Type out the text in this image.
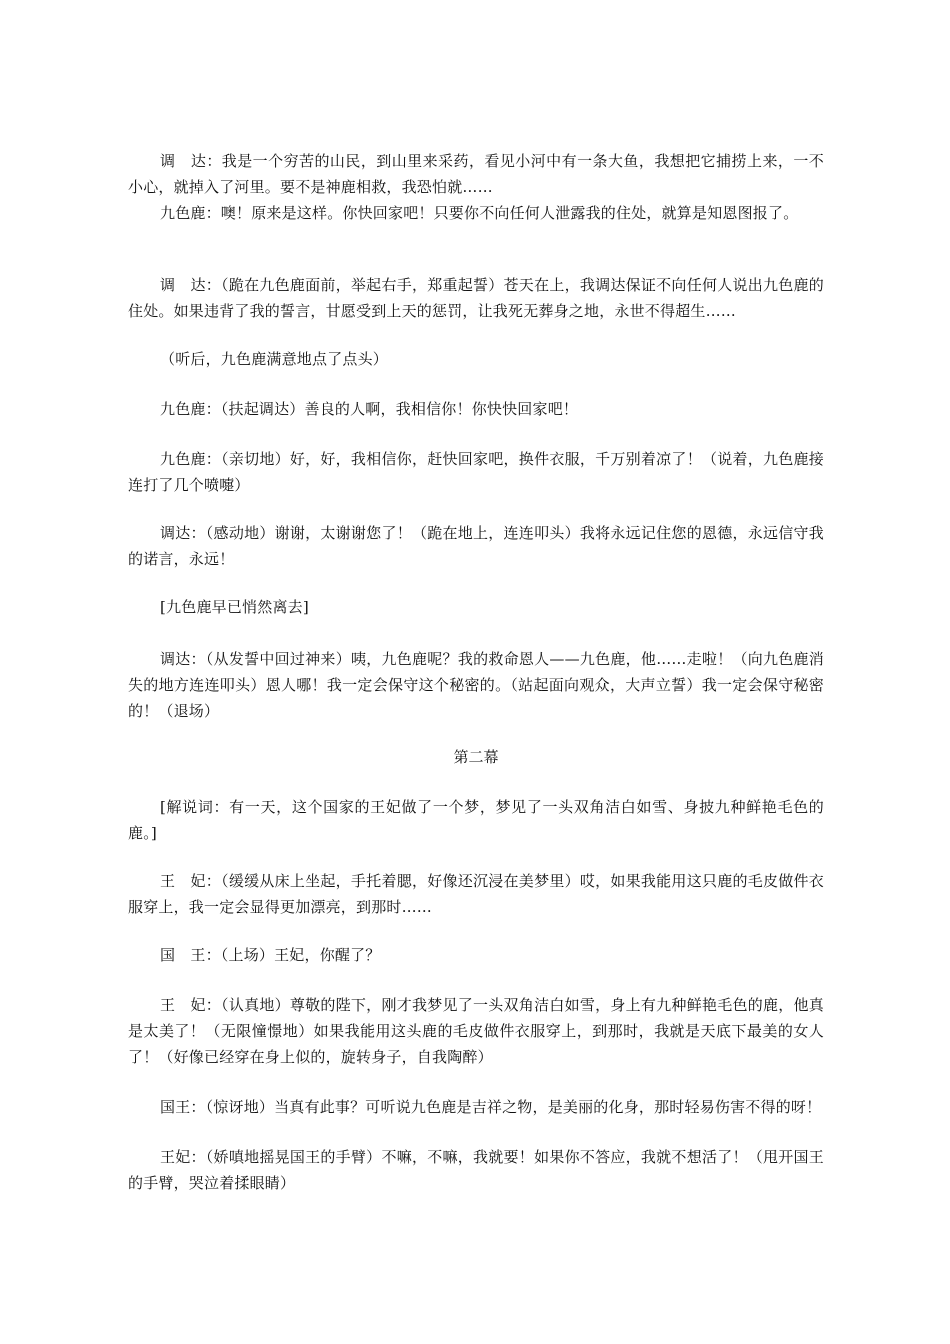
调　达：我是一个穷苦的山民，到山里来采药，看见小河中有一条大鱼，我想把它捕捞上来，一不小心，就掉入了河里。要不是神鹿相救，我恐怕就……

九色鹿：噢！原来是这样。你快回家吧！只要你不向任何人泄露我的住处，就算是知恩图报了。

调　达：（跪在九色鹿面前，举起右手，郑重起誓）苍天在上，我调达保证不向任何人说出九色鹿的住处。如果违背了我的誓言，甘愿受到上天的惩罚，让我死无葬身之地，永世不得超生……

（听后，九色鹿满意地点了点头）

九色鹿：（扶起调达）善良的人啊，我相信你！你快快回家吧！

九色鹿：（亲切地）好，好，我相信你，赶快回家吧，换件衣服，千万别着凉了！（说着，九色鹿接连打了几个喷嚏）

调达：（感动地）谢谢，太谢谢您了！（跪在地上，连连叩头）我将永远记住您的恩德，永远信守我的诺言，永远！

[九色鹿早已悄然离去]

调达：（从发誓中回过神来）咦，九色鹿呢？我的救命恩人——九色鹿，他……走啦！（向九色鹿消失的地方连连叩头）恩人哪！我一定会保守这个秘密的。（站起面向观众，大声立誓）我一定会保守秘密的！（退场）

第二幕

[解说词：有一天，这个国家的王妃做了一个梦，梦见了一头双角洁白如雪、身披九种鲜艳毛色的鹿。]

王　妃：（缓缓从床上坐起，手托着腮，好像还沉浸在美梦里）哎，如果我能用这只鹿的毛皮做件衣服穿上，我一定会显得更加漂亮，到那时……

国　王：（上场）王妃，你醒了？

王　妃：（认真地）尊敬的陛下，刚才我梦见了一头双角洁白如雪，身上有九种鲜艳毛色的鹿，他真是太美了！（无限憧憬地）如果我能用这头鹿的毛皮做件衣服穿上，到那时，我就是天底下最美的女人了！（好像已经穿在身上似的，旋转身子，自我陶醉）

国王：（惊讶地）当真有此事？可听说九色鹿是吉祥之物，是美丽的化身，那时轻易伤害不得的呀！

王妃：（娇嗔地摇晃国王的手臂）不嘛，不嘛，我就要！如果你不答应，我就不想活了！（甩开国王的手臂，哭泣着揉眼睛）
